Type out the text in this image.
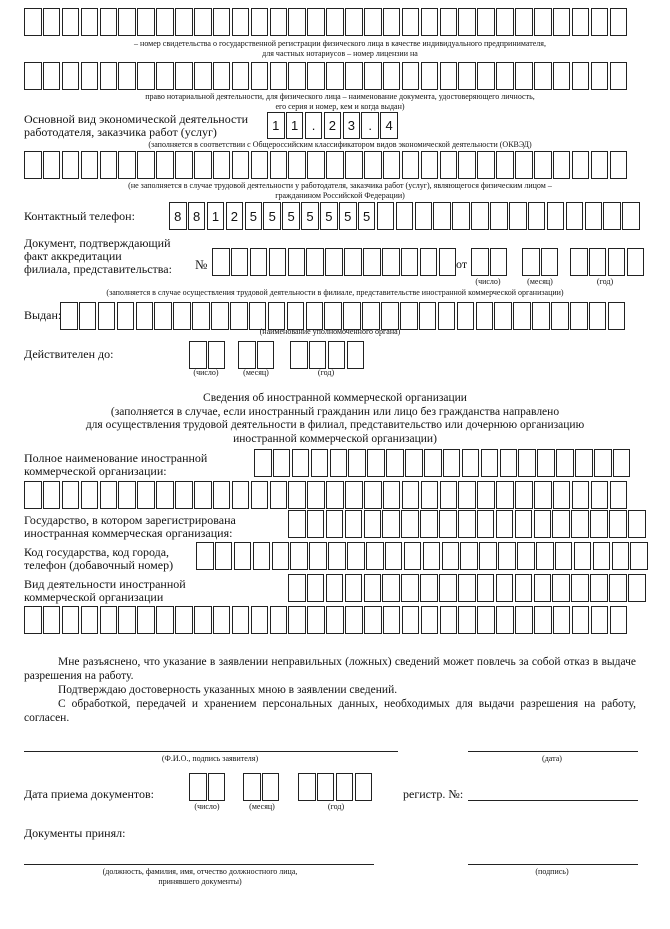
– номер свидетельства о государственной регистрации физического лица в качестве индивидуального предпринимателя,
для частных нотариусов – номер лицензии на
право нотариальной деятельности, для физического лица – наименование документа, удостоверяющего личность,
его серия и номер, кем и когда выдан)
Основной вид экономической деятельности
работодателя, заказчика работ (услуг)	1 1	.	2 3	.	4
(заполняется в соответствии с Общероссийским классификатором видов экономической деятельности (ОКВЭД)
(не заполняется в случае трудовой деятельности у работодателя, заказчика работ (услуг), являющегося физическим лицом –
гражданином Российской Федерации)
Контактный телефон:	8 8 1 2 5 5 5 5 5 5 5
Документ, подтверждающий
факт аккредитации
филиала, представительства: №	от
(число)	(месяц)	(год)
(заполняется в случае осуществления трудовой деятельности в филиале, представительстве иностранной коммерческой организации)
Выдан:
(наименование уполномоченного органа)
Действителен до:
(число)	(месяц)	(год)
Сведения об иностранной коммерческой организации
(заполняется в случае, если иностранный гражданин или лицо без гражданства направлено
для осуществления трудовой деятельности в филиал, представительство или дочернюю организацию
иностранной коммерческой организации)
Полное наименование иностранной
коммерческой организации:
Государство, в котором зарегистрирована
иностранная коммерческая организация:
Код государства, код города,
телефон (добавочный номер)
Вид деятельности иностранной
коммерческой организации
Мне разъяснено, что указание в заявлении неправильных (ложных) сведений может повлечь за собой отказ в выдаче разрешения на работу.
Подтверждаю достоверность указанных мною в заявлении сведений.
С обработкой, передачей и хранением персональных данных, необходимых для выдачи разрешения на работу, согласен.
(Ф.И.О., подпись заявителя)	(дата)
Дата приема документов:
(число)	(месяц)	(год)
регистр. №:
Документы принял:
(должность, фамилия, имя, отчество должностного лица,
принявшего документы)
(подпись)
